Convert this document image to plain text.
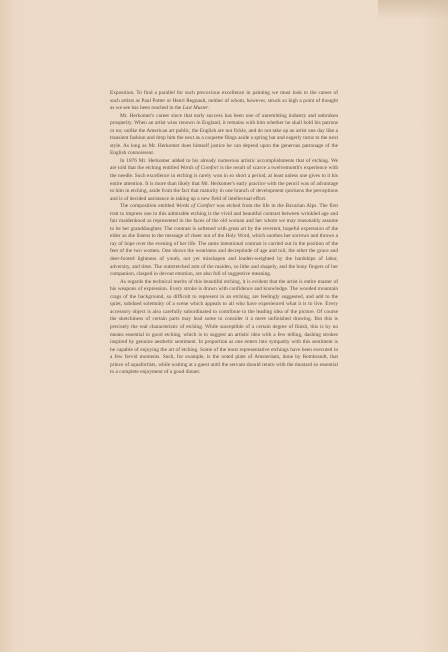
Exposition. To find a parallel for such precocious excellence in painting we must look to the career of such artists as Paul Potter or Henri Regnault, neither of whom, however, struck so high a point of thought as we see has been reached in the Last Muster.

Mr. Herkomer's career since that early success has been one of unremitting industry and unbroken prosperity. When an artist wins renown in England, it remains with him whether he shall hold his patrons or no; unlike the American art public, the English are not fickle, and do not take up an artist one day like a transient fashion and drop him the next as a coquette flings aside a spring hat and eagerly turns to the next style. As long as Mr. Herkomer does himself justice he can depend upon the generous patronage of the English connoisseur.

In 1876 Mr. Herkomer added to his already numerous artistic accomplishments that of etching. We are told that the etching entitled Words of Comfort is the result of scarce a twelvemonth's experience with the needle. Such excellence in etching is rarely won in so short a period, at least unless one gives to it his entire attention. It is more than likely that Mr. Herkomer's early practice with the pencil was of advantage to him in etching, aside from the fact that maturity in one branch of development quickens the perceptions and is of decided assistance in taking up a new field of intellectual effort.

The composition entitled Words of Comfort was etched from the life in the Bavarian Alps. The first trait to impress one in this admirable etching is the vivid and beautiful contrast between wrinkled age and fair maidenhood as represented in the faces of the old woman and her whom we may reasonably assume to be her granddaughter. The contrast is softened with great art by the reverent, hopeful expression of the elder as she listens to the message of cheer out of the Holy Word, which soothes her sorrows and throws a ray of hope over the evening of her life. The same intentional contrast is carried out in the position of the feet of the two women. One shows the weariness and decrepitude of age and toil, the other the grace and deer-footed lightness of youth, not yet misshapen and leaden-weighted by the hardships of labor, adversity, and time. The outstretched arm of the maiden, so lithe and shapely, and the bony fingers of her companion, clasped in devout emotion, are also full of suggestive meaning.

As regards the technical merits of this beautiful etching, it is evident that the artist is entire master of his weapons of expression. Every stroke is drawn with confidence and knowledge. The wooded mountain crags of the background, so difficult to represent in an etching, are feelingly suggested, and add to the quiet, subdued solemnity of a scene which appeals to all who have experienced what it is to live. Every accessory object is also carefully subordinated to contribute to the leading idea of the picture. Of course the sketchiness of certain parts may lead some to consider it a mere unfinished drawing. But this is precisely the real characteristic of etching. While susceptible of a certain degree of finish, this is by no means essential to good etching, which is to suggest an artistic idea with a few telling, dashing strokes inspired by genuine aesthetic sentiment. In proportion as one enters into sympathy with this sentiment is he capable of enjoying the art of etching. Some of the most representative etchings have been executed in a few fervid moments. Such, for example, is the noted plate of Amsterdam, done by Rembrandt, that prince of aquafortists, while waiting at a guest until the servant should return with the mustard so essential to a complete enjoyment of a good dinner.
